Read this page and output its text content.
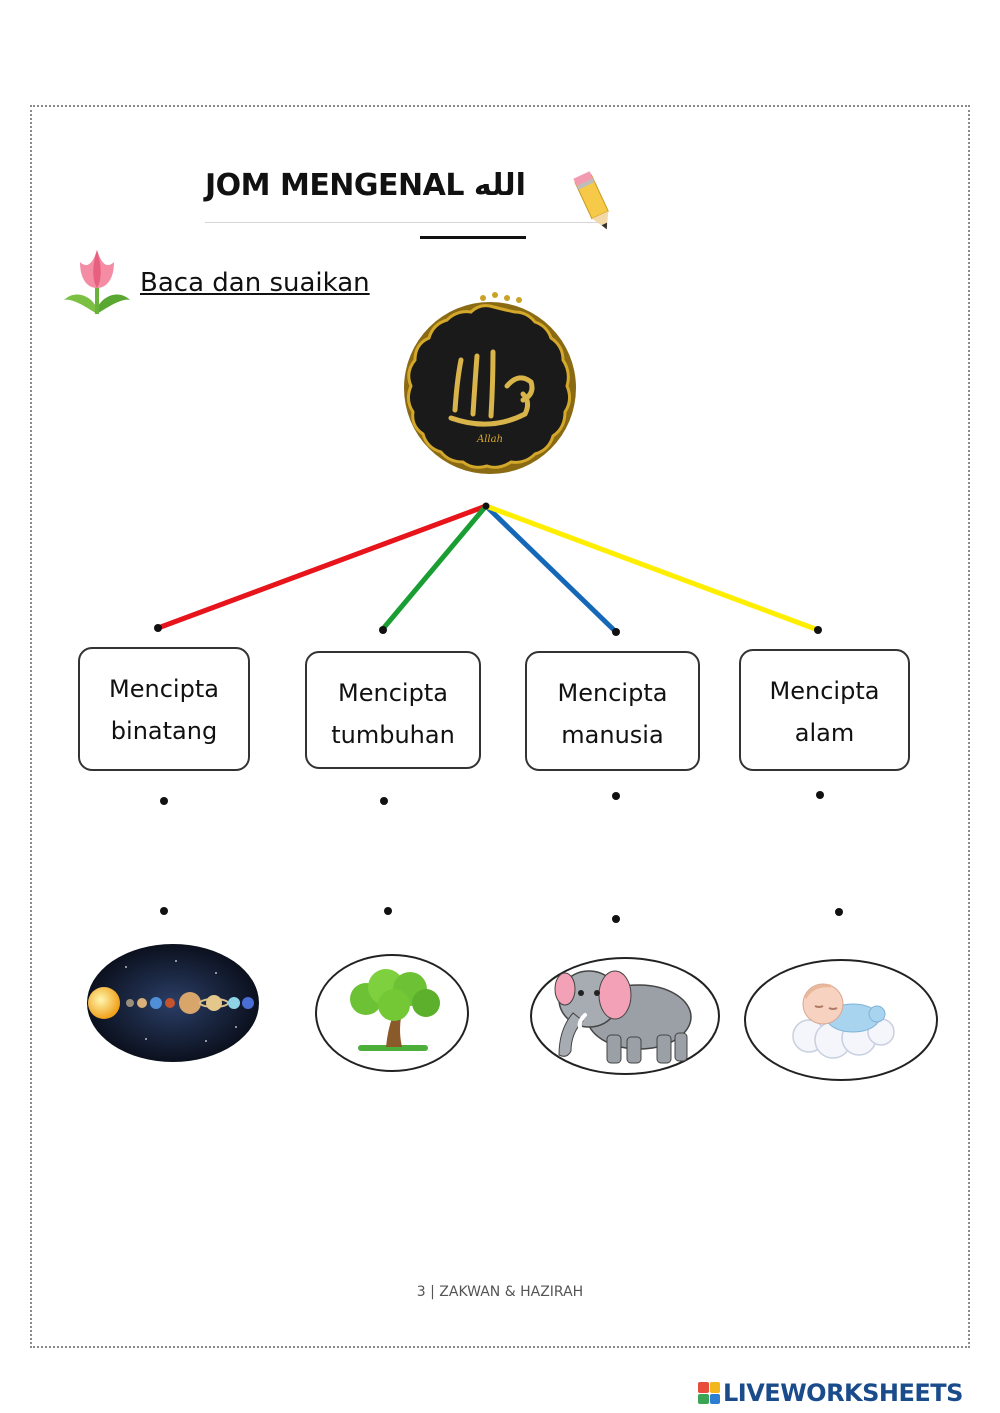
JOM MENGENAL الله
Baca dan suaikan
Allah
Mencipta
binatang
Mencipta
tumbuhan
Mencipta
manusia
Mencipta
alam
3 | ZAKWAN & HAZIRAH
LIVEWORKSHEETS
